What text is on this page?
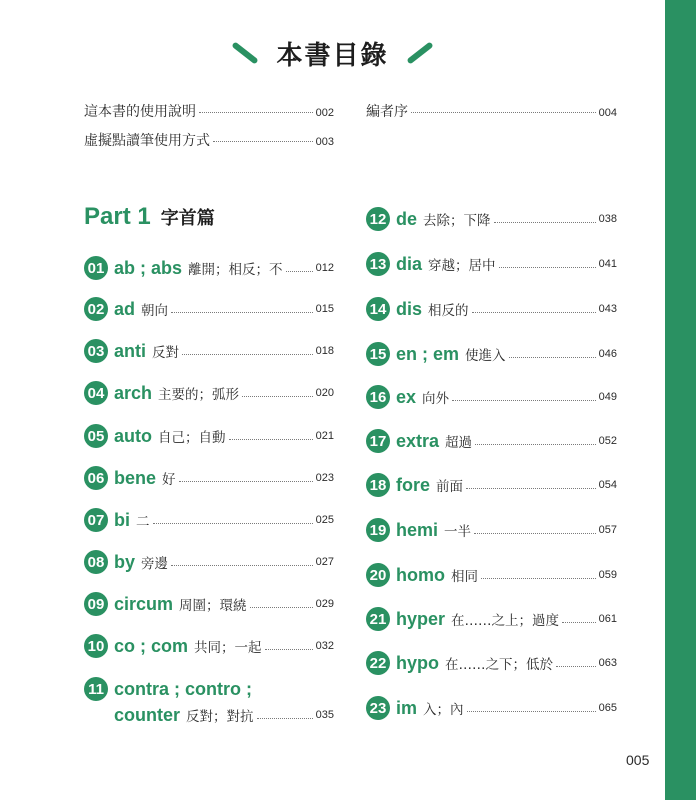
本書目錄
這本書的使用說明	002
虛擬點讀筆使用方式	003
編者序	004
Part 1 字首篇
01 ab ; abs 離開；相反；不	012
02 ad 朝向	015
03 anti 反對	018
04 arch 主要的；弧形	020
05 auto 自己；自動	021
06 bene 好	023
07 bi 二	025
08 by 旁邊	027
09 circum 周圍；環繞	029
10 co ; com 共同；一起	032
11 contra ; contro ;
counter 反對；對抗	035
12 de 去除；下降	038
13 dia 穿越；居中	041
14 dis 相反的	043
15 en ; em 使進入	046
16 ex 向外	049
17 extra 超過	052
18 fore 前面	054
19 hemi 一半	057
20 homo 相同	059
21 hyper 在……之上；過度	061
22 hypo 在……之下；低於	063
23 im 入；內	065
005
